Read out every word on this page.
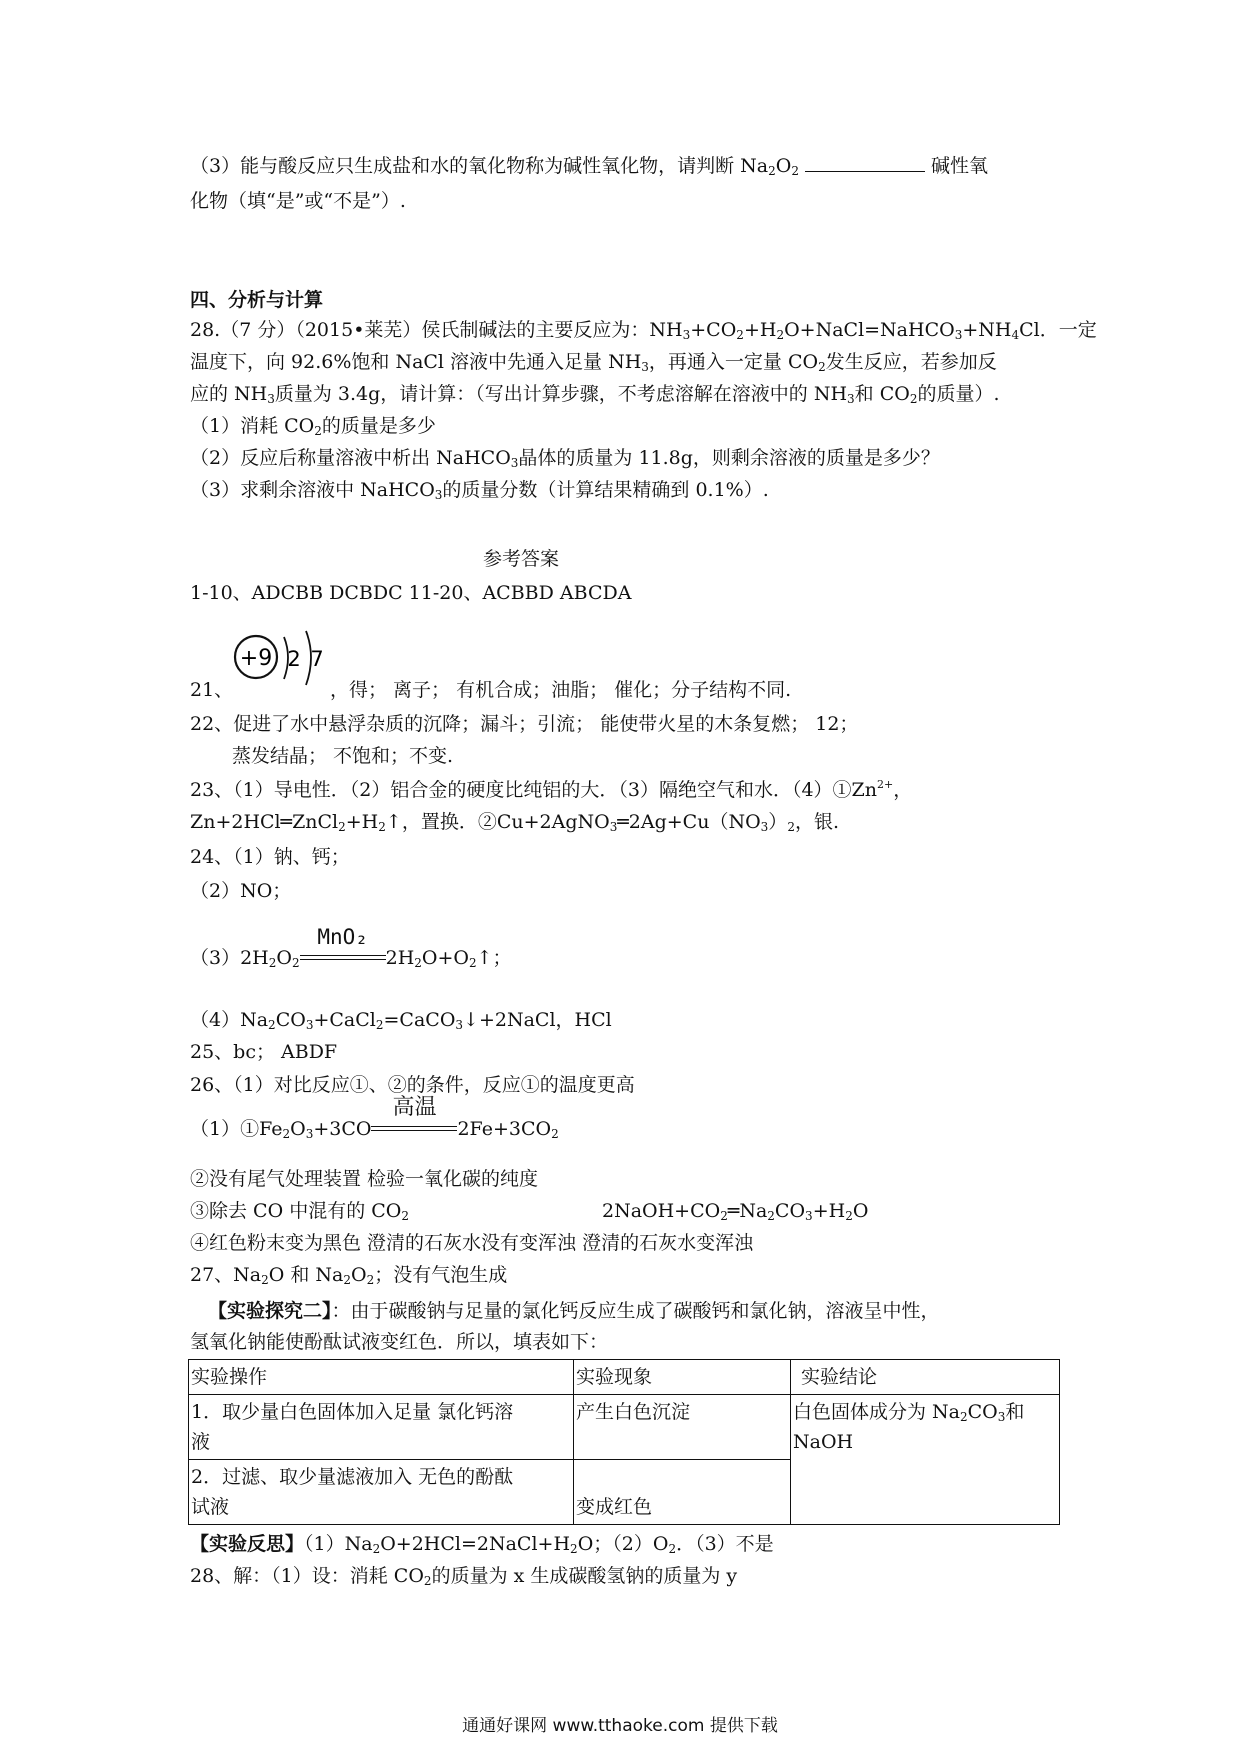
（3）能与酸反应只生成盐和水的氧化物称为碱性氧化物，请判断 $Na_2O_2$	碱性氧
化物（填“是”或“不是”）.
四、分析与计算
28.（7 分）（2015•莱芜）侯氏制碱法的主要反应为：$NH_3+CO_2+H_2O+NaCl=NaHCO_3+NH_4Cl$．一定
温度下，向 92.6%饱和 NaCl 溶液中先通入足量 $NH_3$，再通入一定量 $CO_2$发生反应，若参加反
应的 $NH_3$质量为 3.4g，请计算：（写出计算步骤，不考虑溶解在溶液中的 $NH_3$和 $CO_2$的质量）.
（1）消耗 $CO_2$的质量是多少
（2）反应后称量溶液中析出 NaHCO$_3$晶体的质量为 11.8g，则剩余溶液的质量是多少？
（3）求剩余溶液中 NaHCO$_3$的质量分数（计算结果精确到 0.1%）.
参考答案
1-10、ADCBB DCBDC 11-20、ACBBD ABCDA
+9 2 7
21、	，得； 离子； 有机合成；油脂； 催化；分子结构不同.
22、促进了水中悬浮杂质的沉降；漏斗；引流； 能使带火星的木条复燃； 12；
蒸发结晶； 不饱和；不变.
23、（1）导电性．（2）铝合金的硬度比纯铝的大．（3）隔绝空气和水．$(4)①Zn^{2+}$，
$Zn+2HCl═ZnCl_2+H_2↑$，置换．$②Cu+2AgNO_3═2Ag+Cu(NO_3)_2$，银.
24、（1）钠、钙；
（2）NO；
$(3)2H_2O_2$
MnO₂
$2H_2O+O_2↑$；
$(4)Na_2CO_3+CaCl_2=CaCO_3↓+2NaCl$，HCl
25、bc； ABDF
26、（1）对比反应①、②的条件，反应①的温度更高
$(1)①Fe_2O_3+3CO$
高温
$2Fe+3CO_2$
②没有尾气处理装置 检验一氧化碳的纯度
③除去 CO 中混有的 $CO_2$	$2NaOH+CO_2═Na_2CO_3+H_2O$
④红色粉末变为黑色 澄清的石灰水没有变浑浊 澄清的石灰水变浑浊
27、$Na_2O$ 和 $Na_2O_2$；没有气泡生成
【实验探究二】：由于碳酸钠与足量的氯化钙反应生成了碳酸钙和氯化钠，溶液呈中性，
氢氧化钠能使酚酞试液变红色．所以，填表如下：
实验操作	实验现象	实验结论
1．取少量白色固体加入足量 氯化钙溶
液	产生白色沉淀	白色固体成分为 $Na_2CO_3$和
NaOH
2．过滤、取少量滤液加入 无色的酚酞
试液	变成红色	
【实验反思】$(1)Na_2O+2HCl=2NaCl+H_2O$；$(2)O_2$．（3）不是
28、解：（1）设：消耗 $CO_2$的质量为 x 生成碳酸氢钠的质量为 y
通通好课网 www.tthaoke.com 提供下载
